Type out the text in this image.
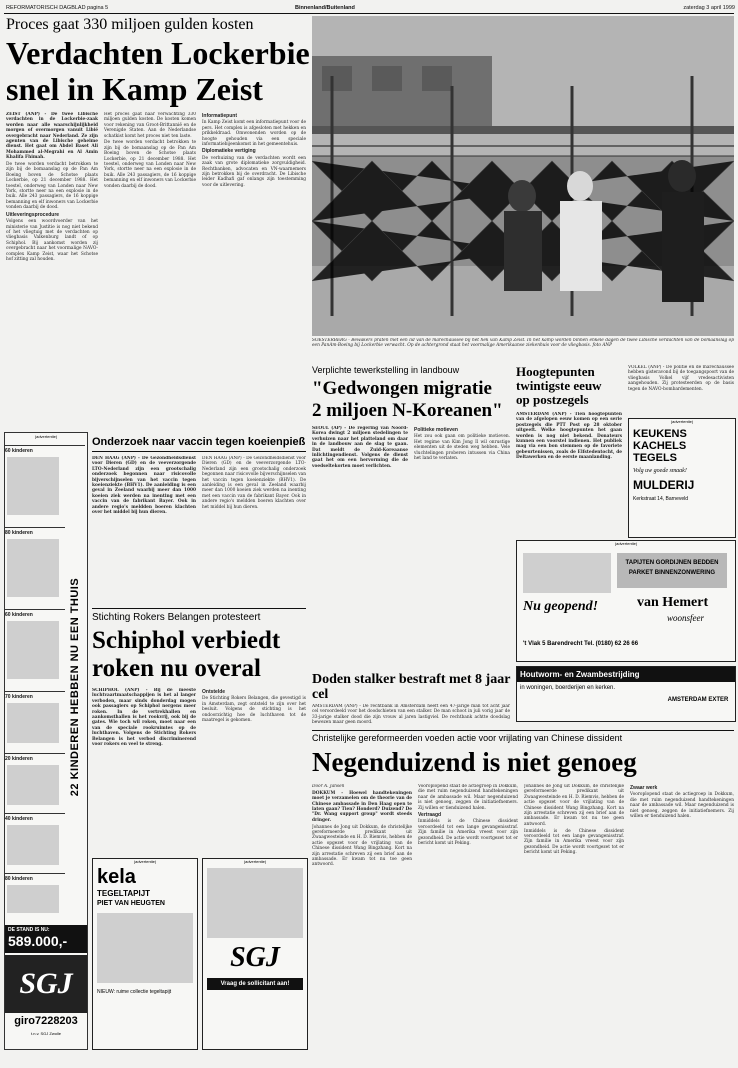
REFORMATORISCH DAGBLAD pagina 5	Binnenland/Buitenland	zaterdag 3 april 1999
Proces gaat 330 miljoen gulden kosten
Verdachten Lockerbie
snel in Kamp Zeist

ZEIST (ANP) - De twee Libische verdachten in de Lockerbie-zaak worden naar alle waarschijnlijkheid morgen of overmorgen vanuit Libië overgebracht naar Nederland. Ze zijn agenten van de Libische geheime dienst. Het gaat om Abdel Baset Ali Mohammed al-Megrahi en Al Amin Khalifa Fhimah.

De twee worden verdacht betrokken te zijn bij de bomaanslag op de Pan Am Boeing boven de Schotse plaats Lockerbie, op 21 december 1988. Het toestel, onderweg van Londen naar New York, stortte neer na een explosie in de buik. Alle 243 passagiers, de 16 koppige bemanning en elf inwoners van Lockerbie vonden daarbij de dood.

Uitleveringsprocedure

Volgens een woordvoerder van het ministerie van Justitie is nog niet bekend of het vliegtuig met de verdachten op vliegbasis Valkenburg landt of op Schiphol. Bij aankomst worden zij overgebracht naar het voormalige NAVO-complex Kamp Zeist, waar het Schotse hof zitting zal houden.

Het proces gaat naar verwachting 330 miljoen gulden kosten. De kosten komen voor rekening van Groot-Brittannië en de Verenigde Staten. Aan de Nederlandse schatkist komt het proces niet ten laste.

De twee worden verdacht betrokken te zijn bij de bomaanslag op de Pan Am Boeing boven de Schotse plaats Lockerbie, op 21 december 1988. Het toestel, onderweg van Londen naar New York, stortte neer na een explosie in de buik. Alle 243 passagiers, de 16 koppige bemanning en elf inwoners van Lockerbie vonden daarbij de dood.

Informatiepunt

In Kamp Zeist komt een informatiepunt voor de pers. Het complex is afgesloten met hekken en prikkeldraad. Omwonenden worden op de hoogte gehouden via een speciale informatiebijeenkomst in het gemeentehuis.

Diplomatieke vertiging

De verhuizing van de verdachten wordt een zaak van grote diplomatieke zorgvuldigheid. Rechtbanken, advocaten en VN-waarnemers zijn betrokken bij de overdracht. De Libische leider Kadhafi gaf onlangs zijn toestemming voor de uitlevering.

SOESTERBERG - Bewakers praten met een lid van de marechaussee bij het hek van Kamp Zeist. In het kamp worden binnen enkele dagen de twee Libische verdachten van de bomaanslag op een PanAm-Boeing bij Lockerbie verwacht. Op de achtergrond staat het voormalige Amerikaanse ziekenhuis voor de vliegbasis. foto ANP
(advertentie)
60 kinderen
80 kinderen
60 kinderen
70 kinderen
20 kinderen
40 kinderen
80 kinderen
22 KINDEREN HEBBEN NU EEN THUIS
DE STAND IS NU:
589.000,-
SGJ
giro7228203
t.n.v. SGJ Zwolle
Onderzoek naar vaccin tegen koeienpieß

DEN HAAG (ANP) - De Gezondheidsdienst voor Dieren (GD) en de veeverzorgende LTO-Nederland zijn een grootschalig onderzoek begonnen naar risicovolle bijverschijnselen van het vaccin tegen koeienziekte (BHV1). De aanleiding is een geval in Zeeland waarbij meer dan 1000 koeien ziek werden na inenting met een vaccin van de fabrikant Bayer. Ook in andere regio's meldden boeren klachten over het middel bij hun dieren.

DEN HAAG (ANP) - De Gezondheidsdienst voor Dieren (GD) en de veeverzorgende LTO-Nederland zijn een grootschalig onderzoek begonnen naar risicovolle bijverschijnselen van het vaccin tegen koeienziekte (BHV1). De aanleiding is een geval in Zeeland waarbij meer dan 1000 koeien ziek werden na inenting met een vaccin van de fabrikant Bayer. Ook in andere regio's meldden boeren klachten over het middel bij hun dieren.

Stichting Rokers Belangen protesteert
Schiphol verbiedt
roken nu overal

SCHIPHOL (ANP) - Bij de meeste luchtvaartmaatschappijen is het al langer verboden, maar sinds donderdag mogen ook passagiers op Schiphol nergens meer roken. In de vertrekhallen en aankomsthallen is het rookvrij, ook bij de gates. Wie toch wil roken, moet naar een van de speciale rookruimtes op de luchthaven. Volgens de Stichting Rokers Belangen is het verbod discriminerend voor rokers en veel te streng.

Ontstelde

De Stichting Rokers Belangen, die gevestigd is in Amsterdam, zegt ontsteld te zijn over het besluit. Volgens de stichting is het ondoorzichtig hoe de luchthaven tot de maatregel is gekomen.

(advertentie)
kela
TEGELTAPIJT
PIET VAN HEUGTEN
NIEUW: ruime collectie tegeltapijt
(advertentie)
SGJ
Vraag de sollicitant aan!
Verplichte tewerkstelling in landbouw
"Gedwongen migratie
2 miljoen N-Koreanen"

SEOUL (AP) - De regering van Noord-Korea dwingt 2 miljoen stedelingen te verhuizen naar het platteland om daar in de landbouw aan de slag te gaan. Dat meldt de Zuid-Koreaanse inlichtingendienst. Volgens de dienst gaat het om een hervorming die de voedseltekorten moet verlichten.

Politieke motieven

Het zou ook gaan om politieke motieven. Het regime van Kim Jong Il wil onrustige elementen uit de steden weg hebben. Vele vluchtelingen proberen intussen via China het land te verlaten.

Hoogtepunten
twintigste eeuw
op postzegels

AMSTERDAM (ANP) - Tien hoogtepunten van de afgelopen eeuw komen op een serie postzegels die PTT Post op 28 oktober uitgeeft. Welke hoogtepunten het gaan worden is nog niet bekend. Donateurs kunnen een voorstel indienen. Het publiek mag via een bon stemmen op de favoriete gebeurtenissen, zoals de Elfstedentocht, de Deltawerken en de eerste maanlanding.

VOLKEL (ANP) - De politie en de marechaussee hebben gisteravond bij de toegangspoort van de vliegbasis Volkel vijf vredesactivisten aangehouden. Zij protesteerden op de basis tegen de NAVO-bombardementen.

(advertentie)
KEUKENS KACHELS TEGELS
Volg uw goede smaak!
MULDERIJ
Kerkstraat 14, Barneveld
(advertentie)
TAPIJTEN GORDIJNEN BEDDEN PARKET BINNENZONWERING
Nu geopend!	van Hemert
woonsfeer
't Vlak 5 Barendrecht Tel. (0180) 62 26 66
Houtworm- en Zwambestrijding
in woningen, boerderijen en kerken.
AMSTERDAM EXTER
Doden stalker bestraft met 8 jaar cel

AMSTERDAM (ANP) - De rechtbank in Amsterdam heeft een 47-jarige man tot acht jaar cel veroordeeld voor het doodschieten van een stalker. De man schoot in juli vorig jaar de 33-jarige stalker dood die zijn vrouw al jaren lastigviel. De rechtbank achtte doodslag bewezen maar geen moord.

Christelijke gereformeerden voeden actie voor vrijlating van Chinese dissident
Negenduizend is niet genoeg

Door A. Jansen

DOKKUM - Hoewel handtekeningen moet je verzamelen om de theorie van de Chinese ambassade in Den Haag open te laten gaan? Tien? Honderd? Duizend? De "Dr. Wang support group" wordt steeds dringer.

Johannes de Jong uit Dokkum, de christelijke gereformeerde predikant uit Zwaagwesteinde en H. D. Riemvis, hebben de actie opgezet voor de vrijlating van de Chinese dissident Wang Bingzhang. Kort na zijn arrestatie schreven zij een brief aan de ambassade. Er kwam tot nu toe geen antwoord.

Vooroplopend staat de actiegroep in Dokkum, die met ruim negenduizend handtekeningen naar de ambassade wil. Maar negenduizend is niet genoeg, zeggen de initiatiefnemers. Zij willen er tienduizend halen.

Vertraagd

Inmiddels is de Chinese dissident veroordeeld tot een lange gevangenisstraf. Zijn familie in Amerika vreest voor zijn gezondheid. De actie wordt voortgezet tot er bericht komt uit Peking.

Johannes de Jong uit Dokkum, de christelijke gereformeerde predikant uit Zwaagwesteinde en H. D. Riemvis, hebben de actie opgezet voor de vrijlating van de Chinese dissident Wang Bingzhang. Kort na zijn arrestatie schreven zij een brief aan de ambassade. Er kwam tot nu toe geen antwoord.

Inmiddels is de Chinese dissident veroordeeld tot een lange gevangenisstraf. Zijn familie in Amerika vreest voor zijn gezondheid. De actie wordt voortgezet tot er bericht komt uit Peking.

Zwaar werk

Vooroplopend staat de actiegroep in Dokkum, die met ruim negenduizend handtekeningen naar de ambassade wil. Maar negenduizend is niet genoeg, zeggen de initiatiefnemers. Zij willen er tienduizend halen.
